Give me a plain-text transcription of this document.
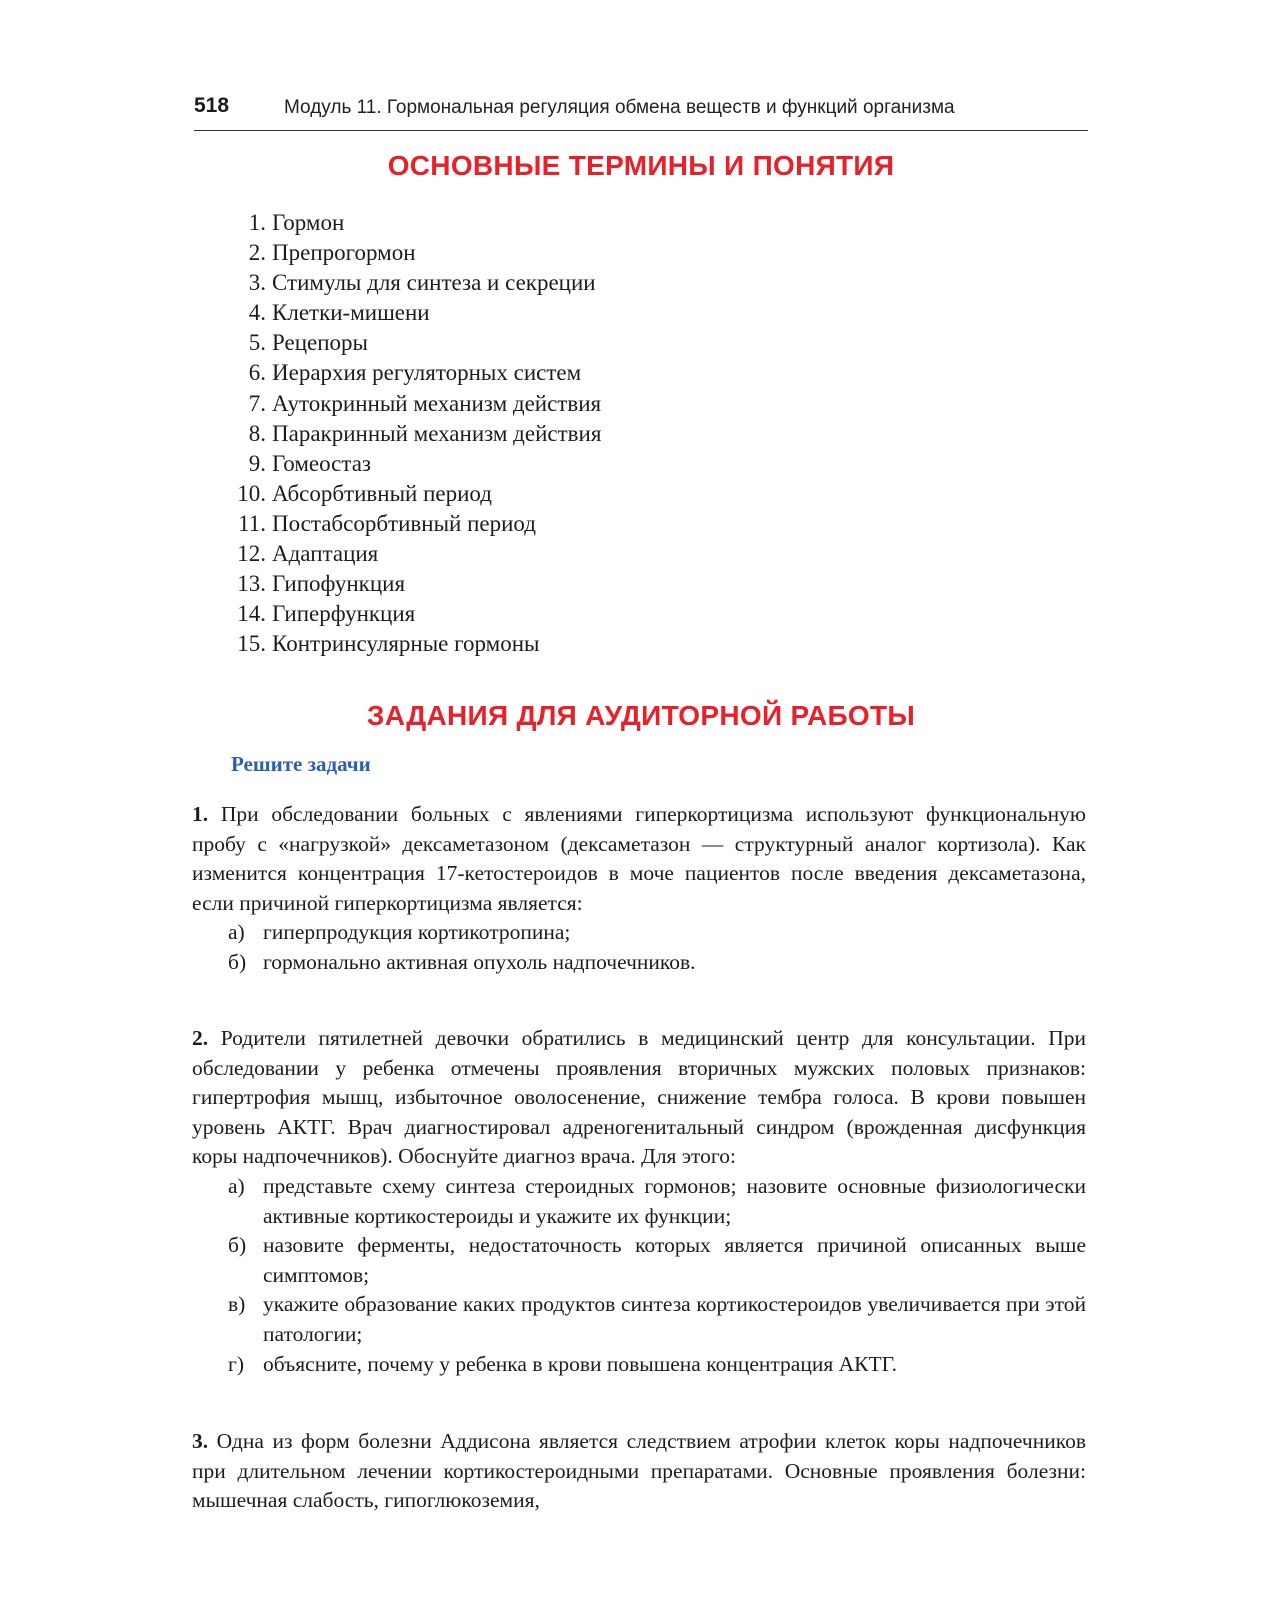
518	Модуль 11. Гормональная регуляция обмена веществ и функций организма
ОСНОВНЫЕ ТЕРМИНЫ И ПОНЯТИЯ
1. Гормон
2. Препрогормон
3. Стимулы для синтеза и секреции
4. Клетки-мишени
5. Рецепоры
6. Иерархия регуляторных систем
7. Аутокринный механизм действия
8. Паракринный механизм действия
9. Гомеостаз
10. Абсорбтивный период
11. Постабсорбтивный период
12. Адаптация
13. Гипофункция
14. Гиперфункция
15. Контринсулярные гормоны
ЗАДАНИЯ ДЛЯ АУДИТОРНОЙ РАБОТЫ
Решите задачи

1. При обследовании больных с явлениями гиперкортицизма используют функциональную пробу с «нагрузкой» дексаметазоном (дексаметазон — структурный аналог кортизола). Как изменится концентрация 17-кетостероидов в моче пациентов после введения дексаметазона, если причиной гиперкортицизма является:

а) гиперпродукция кортикотропина;
б) гормонально активная опухоль надпочечников.

2. Родители пятилетней девочки обратились в медицинский центр для консультации. При обследовании у ребенка отмечены проявления вторичных мужских половых признаков: гипертрофия мышц, избыточное оволосенение, снижение тембра голоса. В крови повышен уровень АКТГ. Врач диагностировал адреногенитальный синдром (врожденная дисфункция коры надпочечников). Обоснуйте диагноз врача. Для этого:

а) представьте схему синтеза стероидных гормонов; назовите основные физиологически активные кортикостероиды и укажите их функции;
б) назовите ферменты, недостаточность которых является причиной описанных выше симптомов;
в) укажите образование каких продуктов синтеза кортикостероидов увеличивается при этой патологии;
г) объясните, почему у ребенка в крови повышена концентрация АКТГ.

3. Одна из форм болезни Аддисона является следствием атрофии клеток коры надпочечников при длительном лечении кортикостероидными препаратами. Основные проявления болезни: мышечная слабость, гипоглюкоземия,
